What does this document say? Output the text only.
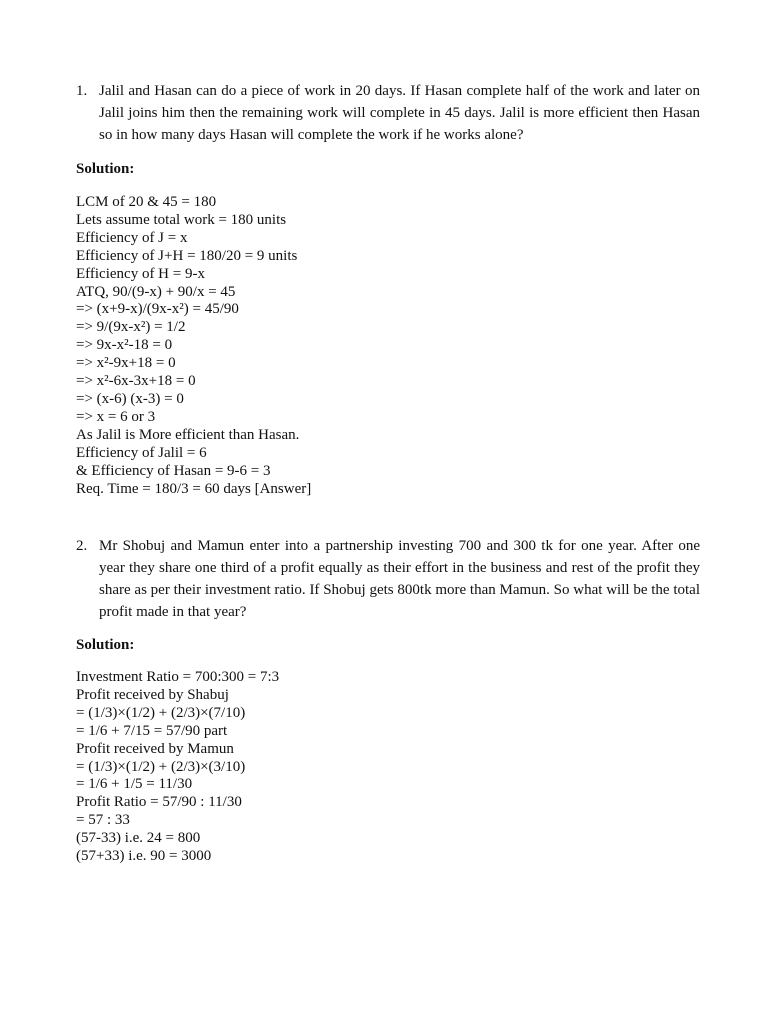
1. Jalil and Hasan can do a piece of work in 20 days. If Hasan complete half of the work and later on Jalil joins him then the remaining work will complete in 45 days. Jalil is more efficient then Hasan so in how many days Hasan will complete the work if he works alone?
Solution:
LCM of 20 & 45 = 180
Lets assume total work = 180 units
Efficiency of J = x
Efficiency of J+H = 180/20 = 9 units
Efficiency of H = 9-x
ATQ, 90/(9-x) + 90/x = 45
=> (x+9-x)/(9x-x²) = 45/90
=> 9/(9x-x²) = 1/2
=> 9x-x²-18 = 0
=> x²-9x+18 = 0
=> x²-6x-3x+18 = 0
=> (x-6) (x-3) = 0
=> x = 6 or 3
As Jalil is More efficient than Hasan.
Efficiency of Jalil = 6
& Efficiency of Hasan = 9-6 = 3
Req. Time = 180/3 = 60 days [Answer]
2. Mr Shobuj and Mamun enter into a partnership investing 700 and 300 tk for one year. After one year they share one third of a profit equally as their effort in the business and rest of the profit they share as per their investment ratio. If Shobuj gets 800tk more than Mamun. So what will be the total profit made in that year?
Solution:
Investment Ratio = 700:300 = 7:3
Profit received by Shabuj
= (1/3)×(1/2) + (2/3)×(7/10)
= 1/6 + 7/15 = 57/90 part
Profit received by Mamun
= (1/3)×(1/2) + (2/3)×(3/10)
= 1/6 + 1/5 = 11/30
Profit Ratio = 57/90 : 11/30
= 57 : 33
(57-33) i.e. 24 = 800
(57+33) i.e. 90 = 3000
